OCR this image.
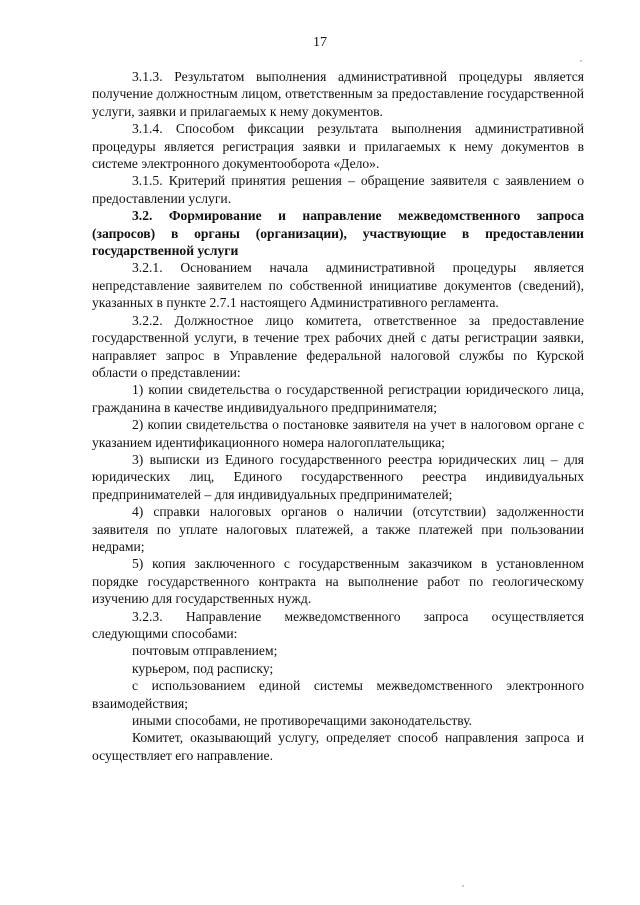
17

3.1.3. Результатом выполнения административной процедуры является получение должностным лицом, ответственным за предоставление государственной услуги, заявки и прилагаемых к нему документов.

3.1.4. Способом фиксации результата выполнения административной процедуры является регистрация заявки и прилагаемых к нему документов в системе электронного документооборота «Дело».

3.1.5. Критерий принятия решения – обращение заявителя с заявлением о предоставлении услуги.

3.2. Формирование и направление межведомственного запроса (запросов) в органы (организации), участвующие в предоставлении государственной услуги

3.2.1. Основанием начала административной процедуры является непредставление заявителем по собственной инициативе документов (сведений), указанных в пункте 2.7.1 настоящего Административного регламента.

3.2.2. Должностное лицо комитета, ответственное за предоставление государственной услуги, в течение трех рабочих дней с даты регистрации заявки, направляет запрос в Управление федеральной налоговой службы по Курской области о представлении:

1) копии свидетельства о государственной регистрации юридического лица, гражданина в качестве индивидуального предпринимателя;

2) копии свидетельства о постановке заявителя на учет в налоговом органе с указанием идентификационного номера налогоплательщика;

3) выписки из Единого государственного реестра юридических лиц – для юридических лиц, Единого государственного реестра индивидуальных предпринимателей – для индивидуальных предпринимателей;

4) справки налоговых органов о наличии (отсутствии) задолженности заявителя по уплате налоговых платежей, а также платежей при пользовании недрами;

5) копия заключенного с государственным заказчиком в установленном порядке государственного контракта на выполнение работ по геологическому изучению для государственных нужд.

3.2.3. Направление межведомственного запроса осуществляется следующими способами:

почтовым отправлением;

курьером, под расписку;

с использованием единой системы межведомственного электронного взаимодействия;

иными способами, не противоречащими законодательству.

Комитет, оказывающий услугу, определяет способ направления запроса и осуществляет его направление.
